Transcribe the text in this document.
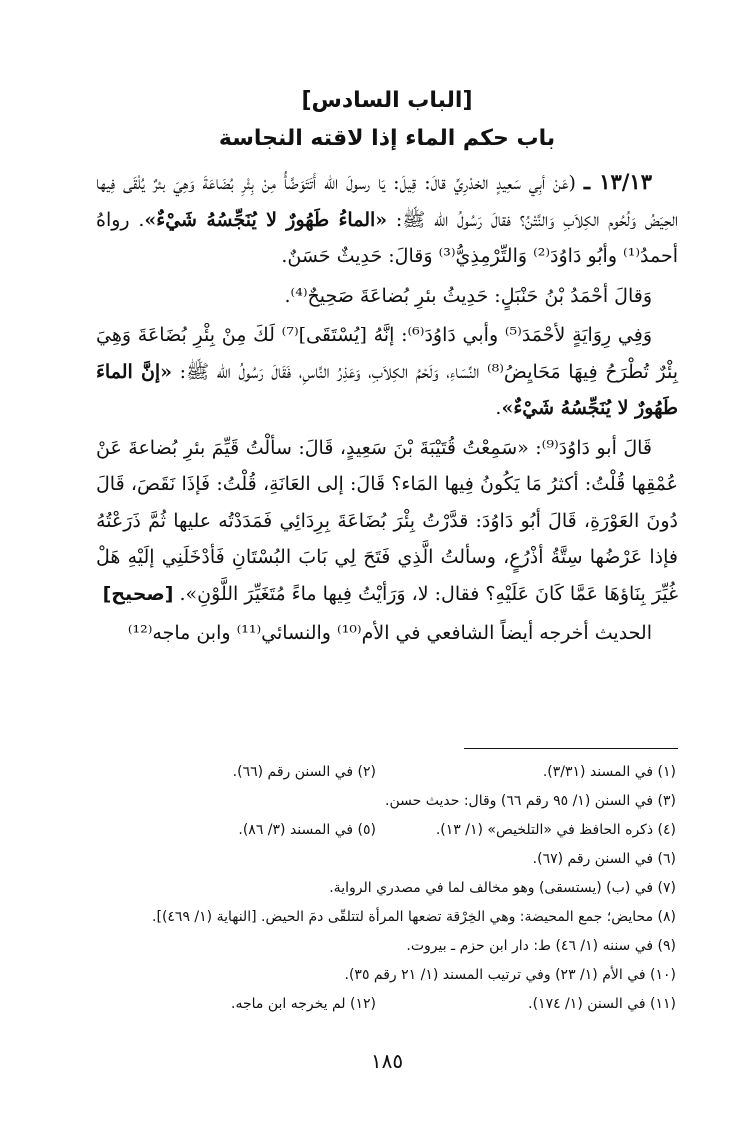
[الباب السادس]
باب حكم الماء إذا لاقته النجاسة

١٣/١٣ ـ (عَنْ أبِي سَعِيدٍ الخدْرِيِّ قالَ: قِيلَ: يَا رسولَ الله أَتَتَوَضَّأُ مِنْ بِئْرِ بُضَاعَةَ وَهِيَ بئرٌ يُلْقَى فِيها الحِيَضُ وَلُحُوم الكِلاَبِ وَالنَّتْنُ؟ فقالَ رَسُولُ الله ﷺ: «الماءُ طَهُورٌ لا يُنَجِّسُهُ شَيْءٌ». رواهُ أحمدُ⁽¹⁾ وأبُو دَاوُدَ⁽²⁾ وَالتِّرْمِذِيُّ⁽³⁾ وَقالَ: حَدِيثٌ حَسَنٌ.

وَقالَ أحْمَدُ بْنُ حَنْبَلٍ: حَدِيثُ بئرِ بُضاعَةَ صَحِيحٌ⁽⁴⁾.

وَفِي رِوَايَةٍ لأحْمَدَ⁽⁵⁾ وأبي دَاوُدَ⁽⁶⁾: إنَّهُ [يُسْتَقَى]⁽⁷⁾ لَكَ مِنْ بِئْرِ بُضَاعَةَ وَهِيَ بِئْرٌ تُطْرَحُ فِيهَا مَحَايِضُ⁽⁸⁾ النِّسَاءِ، وَلَحْمُ الكِلاَبِ، وَعَذِرُ النَّاسِ، فَقَالَ رَسُولُ الله ﷺ: «إنَّ الماءَ طَهُورٌ لا يُنَجِّسُهُ شَيْءٌ».

قَالَ أبو دَاوُدَ⁽⁹⁾: «سَمِعْتُ قُتَيْبَةَ بْنَ سَعِيدٍ، قَالَ: سألْتُ قَيِّمَ بئرِ بُضاعةَ عَنْ عُمْقِها قُلْتُ: أكثرُ مَا يَكُونُ فِيها المَاء؟ قَالَ: إلى العَانَةِ، قُلْتُ: فَإذَا نَقَصَ، قَالَ دُونَ العَوْرَةِ، قَالَ أبُو دَاوُدَ: قدَّرْتُ بِئْرَ بُضَاعَةَ بِرِدَائِي فَمَدَدْتُه عليها ثُمَّ ذَرَعْتُهُ فإذا عَرْضُها سِتَّةُ أذْرُعٍ، وسألتُ الَّذِي فَتَحَ لِي بَابَ البُسْتَانِ فَأدْخَلَنِي إلَيْهِ هَلْ غُيِّرَ بِنَاؤهَا عَمَّا كَانَ عَلَيْهِ؟ فقال: لا، وَرَأيْتُ فِيها ماءً مُتَغَيِّرَ اللَّوْنِ». [صحيح]

الحديث أخرجه أيضاً الشافعي في الأم⁽¹⁰⁾ والنسائي⁽¹¹⁾ وابن ماجه⁽¹²⁾

(١) في المسند (٣/٣١).
(٢) في السنن رقم (٦٦).
(٣) في السنن (١/ ٩٥ رقم ٦٦) وقال: حديث حسن.
(٤) ذكره الحافظ في «التلخيص» (١/ ١٣).
(٥) في المسند (٣/ ٨٦).
(٦) في السنن رقم (٦٧).
(٧) في (ب) (يستسقى) وهو مخالف لما في مصدري الرواية.
(٨) محايض؛ جمع المحيضة: وهي الخِرْقة تضعها المرأة لتتلقّى دمَ الحيض. [النهاية (١/ ٤٦٩)].
(٩) في سننه (١/ ٤٦) ط: دار ابن حزم ـ بيروت.
(١٠) في الأم (١/ ٢٣) وفي ترتيب المسند (١/ ٢١ رقم ٣٥).
(١١) في السنن (١/ ١٧٤).
(١٢) لم يخرجه ابن ماجه.
١٨٥
